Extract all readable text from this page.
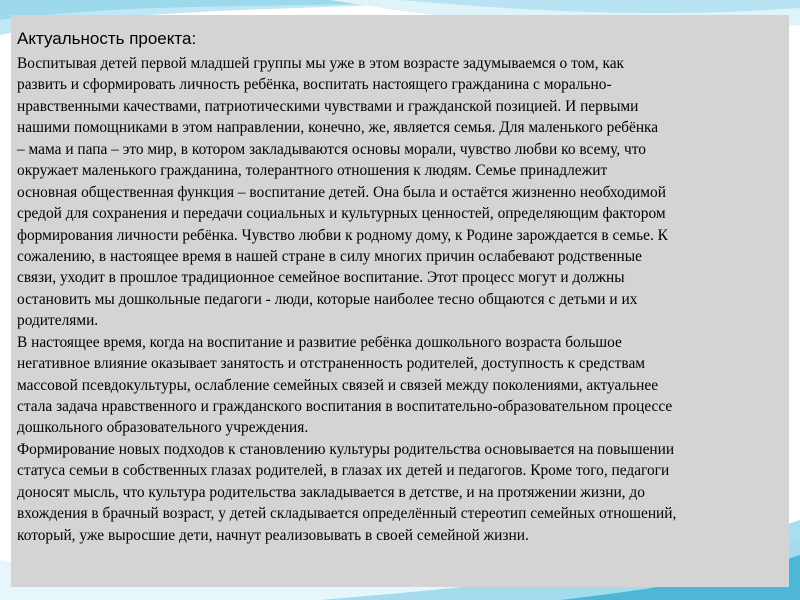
Актуальность проекта:
Воспитывая детей первой младшей группы мы уже в этом возрасте задумываемся о том, как
развить и сформировать личность ребёнка, воспитать настоящего гражданина с морально-
нравственными качествами, патриотическими чувствами и гражданской позицией. И первыми
нашими помощниками в этом направлении, конечно, же, является семья. Для маленького ребёнка
– мама и папа – это мир, в котором закладываются основы морали, чувство любви ко всему, что
окружает маленького гражданина, толерантного отношения к людям. Семье принадлежит
основная общественная функция – воспитание детей. Она была и остаётся жизненно необходимой
средой для сохранения и передачи социальных и культурных ценностей, определяющим фактором
формирования личности ребёнка. Чувство любви к родному дому, к Родине зарождается в семье. К
сожалению, в настоящее время в нашей стране в силу многих причин ослабевают родственные
связи, уходит в прошлое традиционное семейное воспитание. Этот процесс могут и должны
остановить мы дошкольные педагоги - люди, которые наиболее тесно общаются с детьми и их
родителями.
В настоящее время, когда на воспитание и развитие ребёнка дошкольного возраста большое
негативное влияние оказывает занятость и отстраненность родителей, доступность к средствам
массовой псевдокультуры, ослабление семейных связей и связей между поколениями, актуальнее
стала задача нравственного и гражданского воспитания в воспитательно-образовательном процессе
дошкольного образовательного учреждения.
Формирование новых подходов к становлению культуры родительства основывается на повышении
статуса семьи в собственных глазах родителей, в глазах их детей и педагогов. Кроме того, педагоги
доносят мысль, что культура родительства закладывается в детстве, и на протяжении жизни, до
вхождения в брачный возраст, у детей складывается определённый стереотип семейных отношений,
который, уже выросшие дети, начнут реализовывать в своей семейной жизни.
